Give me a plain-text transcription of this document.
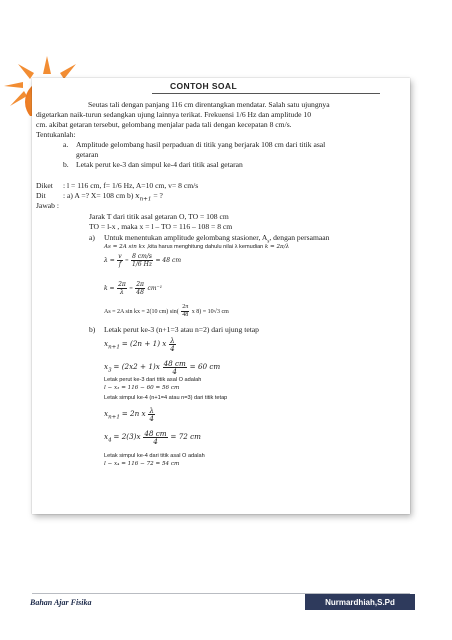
CONTOH SOAL
Seutas tali dengan panjang 116 cm direntangkan mendatar. Salah satu ujungnya
digetarkan naik-turun sedangkan ujung lainnya terikat. Frekuensi 1/6 Hz dan amplitude 10
cm. akibat getaran tersebut, gelombang menjalar pada tali dengan kecepatan 8 cm/s.
Tentukanlah:
a. Amplitude gelombang hasil perpaduan di titik yang berjarak 108 cm dari titik asal
getaran
b. Letak perut ke-3 dan simpul ke-4 dari titik asal getaran
Diket : l = 116 cm, f= 1/6 Hz, A=10 cm, v= 8 cm/s
Dit : a) A =? X= 108 cm b) $x_{n+1}$ = ?
Jawab :
Jarak T dari titik asal getaran O, TO = 108 cm
TO = l-x , maka x = l – TO = 116 – 108 = 8 cm
a) Untuk menentukan amplitude gelombang stasioner, $A_s$, dengan persamaan
As = 2A sin kx ,kita harus menghitung dahulu nilai λ kemudian k = 2π/λ
$\lambda = \frac{v}{f} = \frac{8 cm/s}{1/6 Hz} = 48$ cm
$k = \frac{2\pi}{\lambda} = \frac{2\pi}{48} cm^{-1}$
As = 2A sin kx = 2(10 cm) $\sin( \frac{2\pi}{48}$ x 8) = 10√3 cm
b) Letak perut ke-3 (n+1=3 atau n=2) dari ujung tetap
$x_{n+1} = (2n + 1)$ x $\frac{\lambda}{4}$
$x_3 = (2x2 + 1)x \frac{48 cm}{4} = 60$ cm
Letak perut ke-3 dari titik asal O adalah
l − x₃ = 116 − 60 = 56 cm
Letak simpul ke-4 (n+1=4 atau n=3) dari titik tetap
$x_{n+1} = 2n$ x $\frac{\lambda}{4}$
$x_4 = 2(3)x \frac{48 cm}{4} = 72$ cm
Letak simpul ke-4 dari titik asal O adalah
l − x₄ = 116 − 72 = 54 cm
Bahan Ajar Fisika	Nurmardhiah,S.Pd
